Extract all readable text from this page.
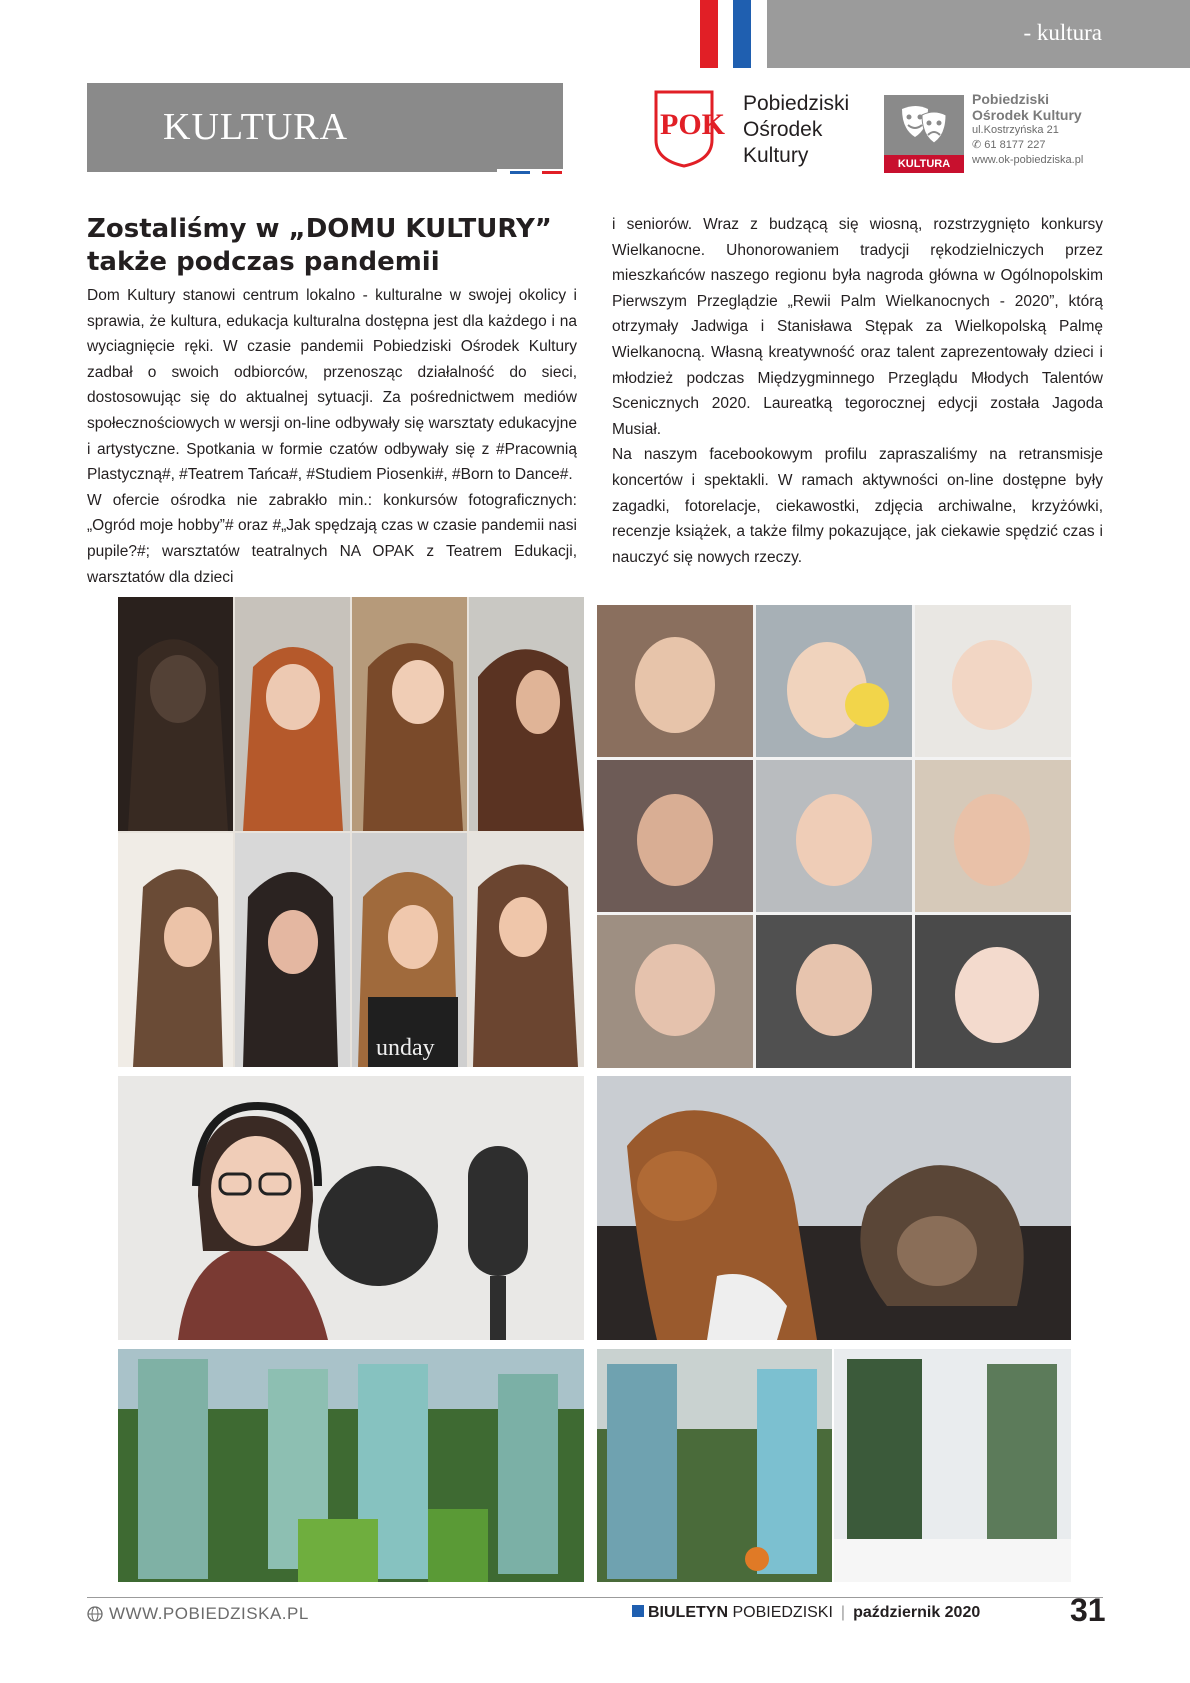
- kultura
KULTURA	POK
Pobiedziski
Ośrodek
Kultury	KULTURA
Pobiedziski
Ośrodek Kultury
ul.Kostrzyńska 21
✆ 61 8177 227
www.ok-pobiedziska.pl
Zostaliśmy w „DOMU KULTURY”
także podczas pandemii

Dom Kultury stanowi centrum lokalno - kulturalne w swojej okolicy i sprawia, że kultura, edukacja kulturalna dostępna jest dla każdego i na wyciagnięcie ręki. W czasie pandemii Pobiedziski Ośrodek Kultury zadbał o swoich odbiorców, przenosząc działalność do sieci, dostosowując się do aktualnej sytuacji. Za pośrednictwem mediów społecznościowych w wersji on-line odbywały się warsztaty edukacyjne i artystyczne. Spotkania w formie czatów odbywały się z #Pracownią Plastyczną#, #Teatrem Tańca#, #Studiem Piosenki#, #Born to Dance#.

W ofercie ośrodka nie zabrakło min.: konkursów fotograficznych: „Ogród moje hobby”# oraz #„Jak spędzają czas w czasie pandemii nasi pupile?#; warsztatów teatralnych NA OPAK z Teatrem Edukacji, warsztatów dla dzieci

i seniorów. Wraz z budzącą się wiosną, rozstrzygnięto konkursy Wielkanocne. Uhonorowaniem tradycji rękodzielniczych przez mieszkańców naszego regionu była nagroda główna w Ogólnopolskim Pierwszym Przeglądzie „Rewii Palm Wielkanocnych - 2020”, którą otrzymały Jadwiga i Stanisława Stępak za Wielkopolską Palmę Wielkanocną. Własną kreatywność oraz talent zaprezentowały dzieci i młodzież podczas Międzygminnego Przeglądu Młodych Talentów Scenicznych 2020. Laureatką tegorocznej edycji została Jagoda Musiał.

Na naszym facebookowym profilu zapraszaliśmy na retransmisje koncertów i spektakli. W ramach aktywności on-line dostępne były zagadki, fotorelacje, ciekawostki, zdjęcia archiwalne, krzyżówki, recenzje książek, a także filmy pokazujące, jak ciekawie spędzić czas i nauczyć się nowych rzeczy.

unday
WWW.POBIEDZISKA.PL	BIULETYN POBIEDZISKI | październik 2020	31
